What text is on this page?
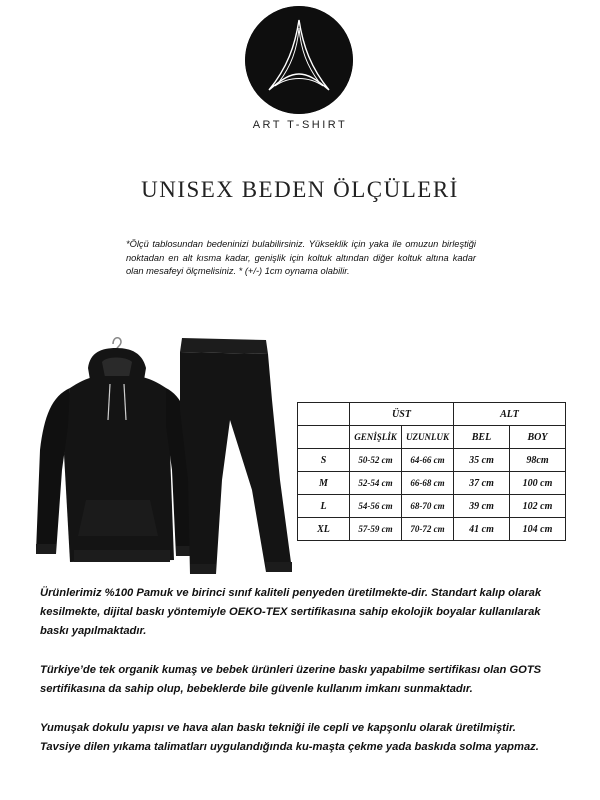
ART T-SHIRT
UNISEX BEDEN ÖLÇÜLERİ
*Ölçü tablosundan bedeninizi bulabilirsiniz. Yükseklik için yaka ile omuzun birleştiği noktadan en alt kısma kadar, genişlik için koltuk altından diğer koltuk altına kadar olan mesafeyi ölçmelisiniz. * (+/-) 1cm oynama olabilir.
	ÜST		ALT	
	GENİŞLİK	UZUNLUK	BEL	BOY
S	50-52 cm	64-66 cm	35 cm	98cm
M	52-54 cm	66-68 cm	37 cm	100 cm
L	54-56 cm	68-70 cm	39 cm	102 cm
XL	57-59 cm	70-72 cm	41 cm	104 cm

Ürünlerimiz %100 Pamuk ve birinci sınıf kaliteli penyeden üretilmekte-dir. Standart kalıp olarak kesilmekte, dijital baskı yöntemiyle OEKO-TEX sertifikasına sahip ekolojik boyalar kullanılarak baskı yapılmaktadır.

Türkiye’de tek organik kumaş ve bebek ürünleri üzerine baskı yapabilme sertifikası olan GOTS sertifikasına da sahip olup, bebeklerde bile güvenle kullanım imkanı sunmaktadır.

Yumuşak dokulu yapısı ve hava alan baskı tekniği ile cepli ve kapşonlu olarak üretilmiştir. Tavsiye dilen yıkama talimatları uygulandığında ku-maşta çekme yada baskıda solma yapmaz.
